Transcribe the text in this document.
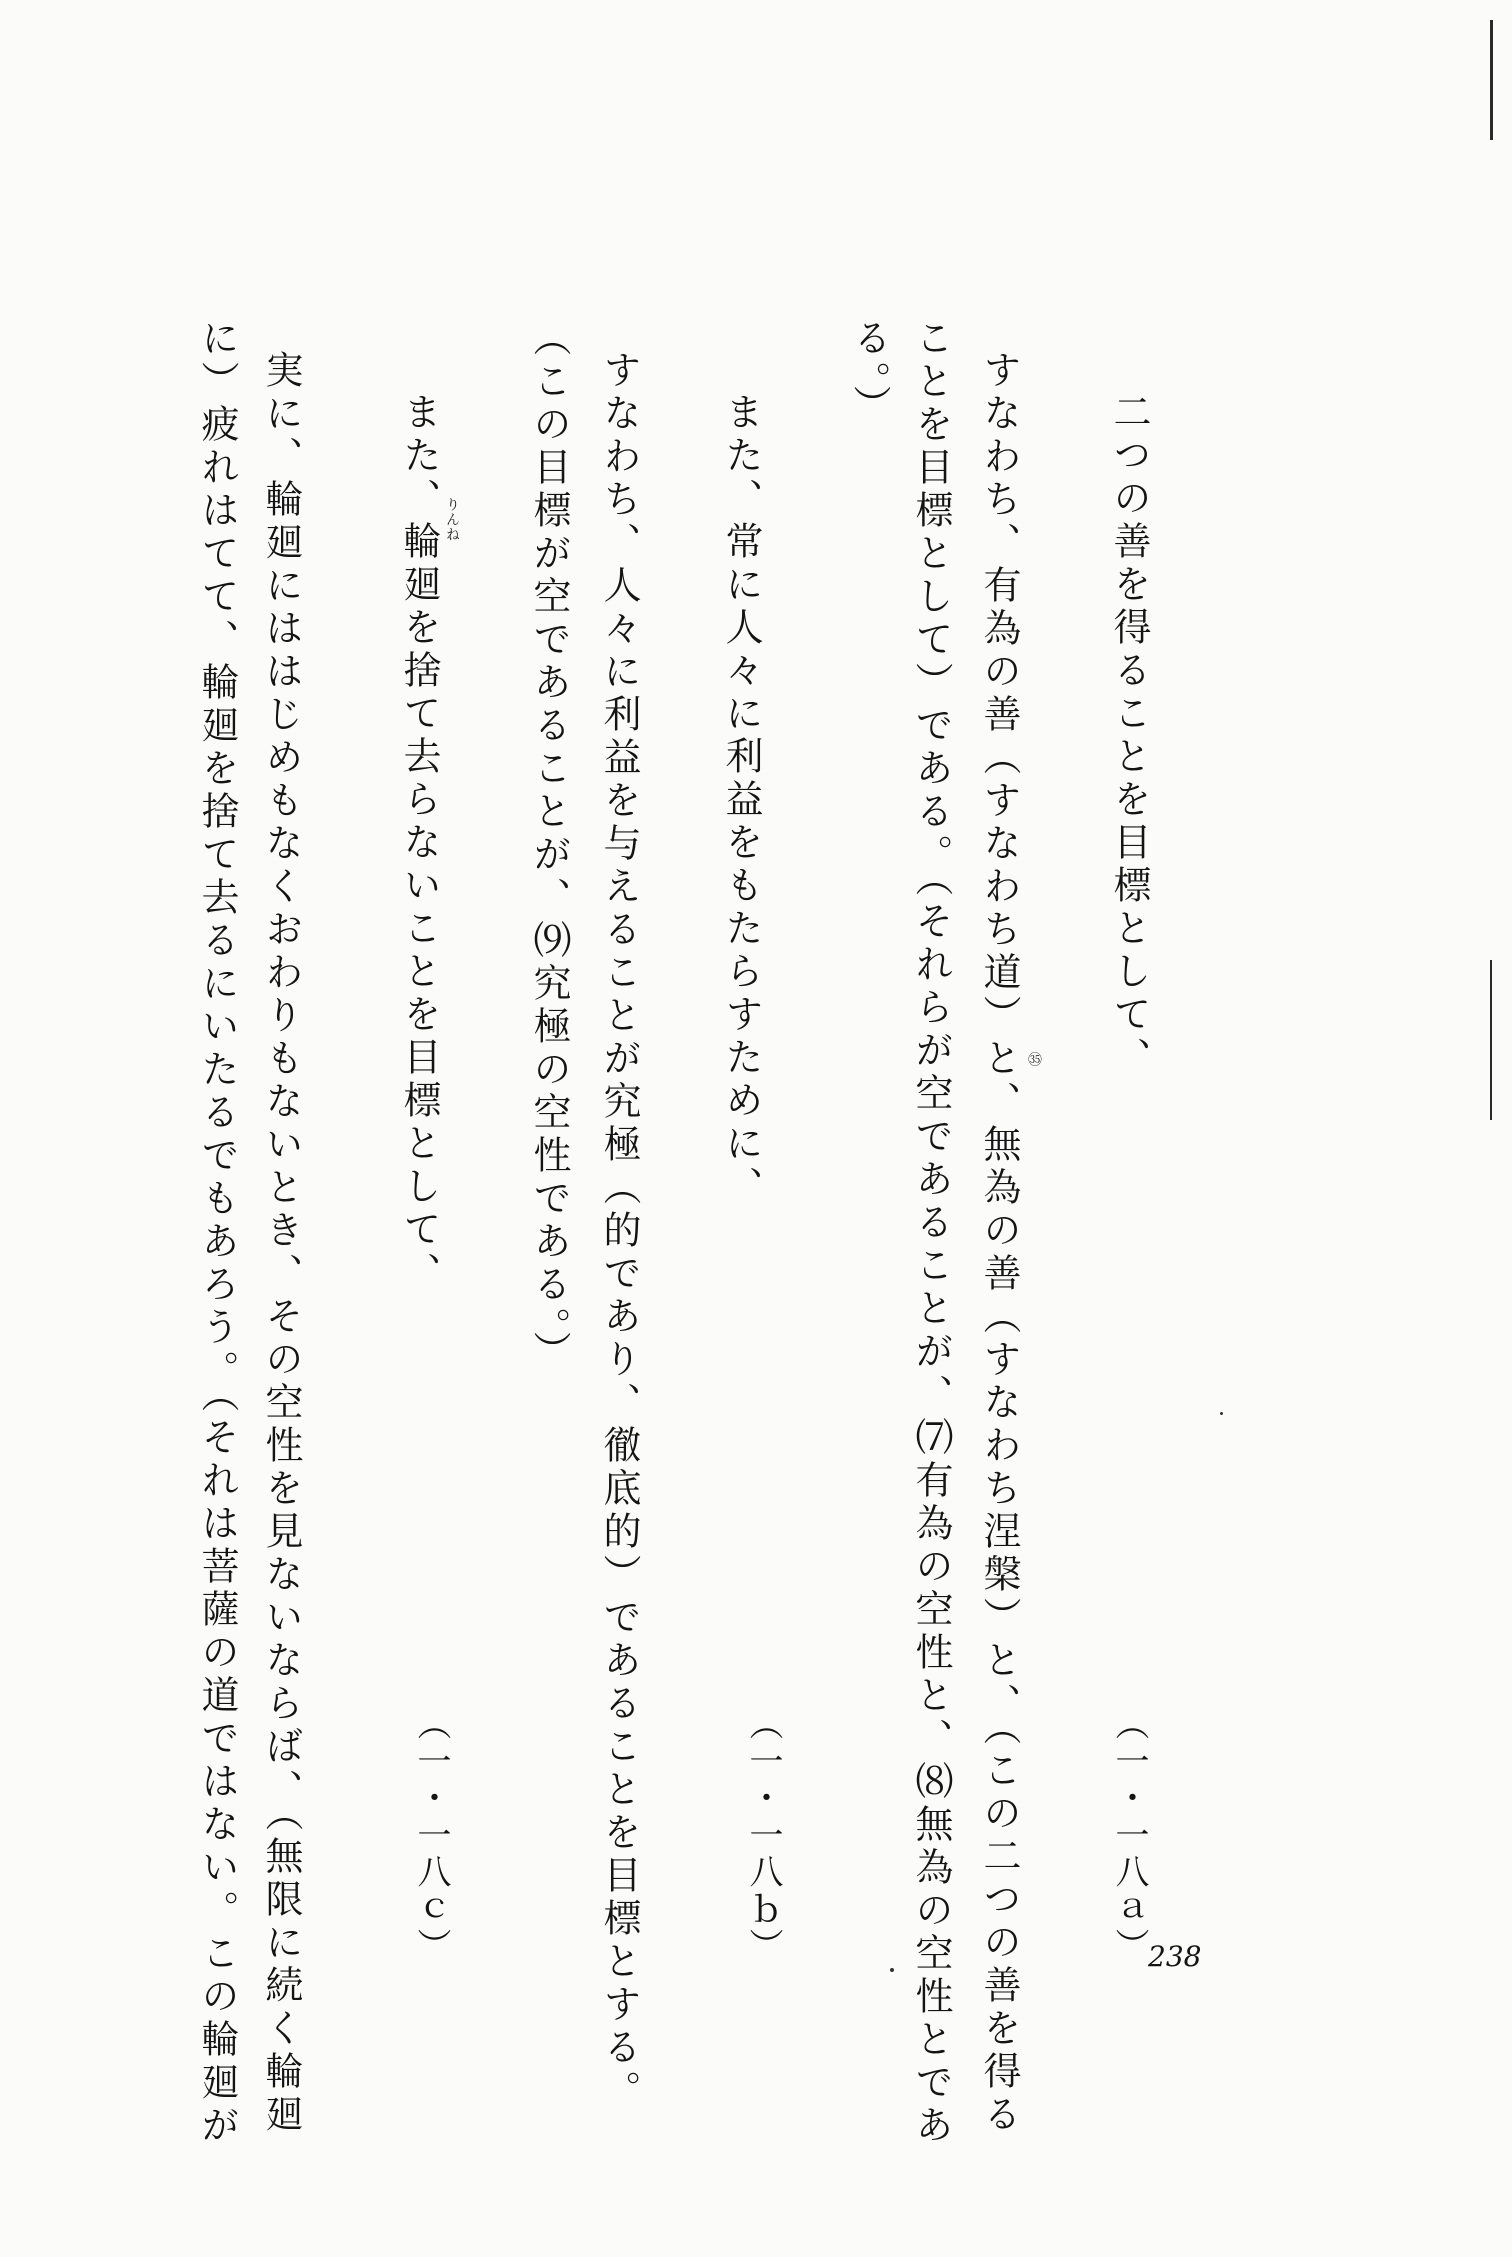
二つの善を得ることを目標として、
（一・一八ａ）
すなわち、有為の善（すなわち道）と、無為の善（すなわち涅槃）と、（この二つの善を得る ㉟
ことを目標として）である。（それらが空であることが、⑺有為の空性と、⑻無為の空性とであ
る。）
また、常に人々に利益をもたらすために、
（一・一八ｂ）
すなわち、人々に利益を与えることが究極（的であり、徹底的）であることを目標とする。
（この目標が空であることが、⑼究極の空性である。）
りんね
また、輪廻を捨て去らないことを目標として、
（一・一八ｃ）
実に、輪廻にははじめもなくおわりもないとき、その空性を見ないならば、（無限に続く輪廻
に）疲れはてて、輪廻を捨て去るにいたるでもあろう。（それは菩薩の道ではない。この輪廻が	238
